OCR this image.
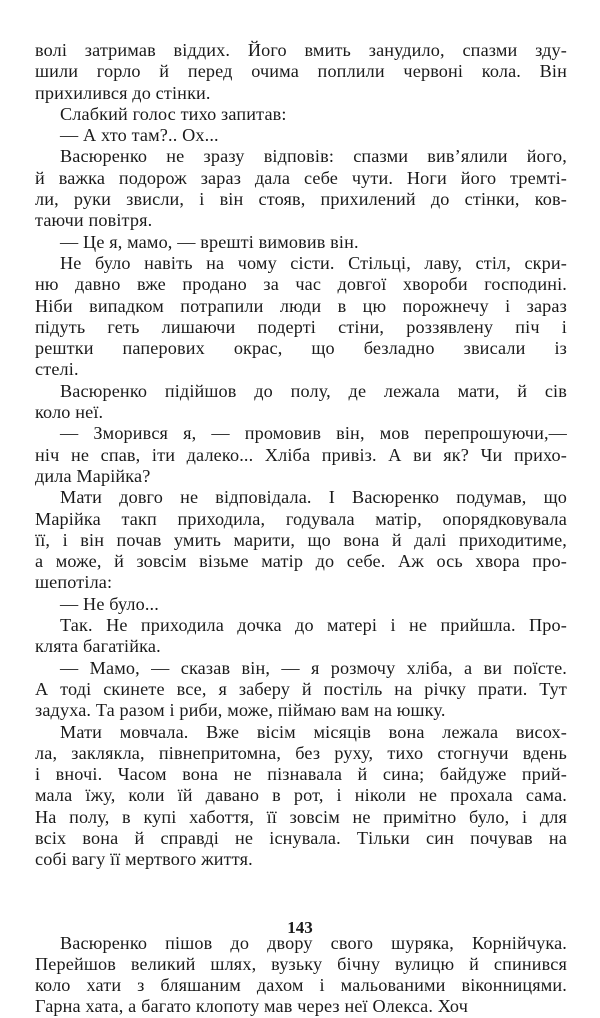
волі затримав віддих. Його вмить занудило, спазми зду-
шили горло й перед очима поплили червоні кола. Він
прихилився до стінки.
Слабкий голос тихо запитав:
— А хто там?.. Ох...
Васюренко не зразу відповів: спазми вив’ялили його,
й важка подорож зараз дала себе чути. Ноги його тремті-
ли, руки звисли, і він стояв, прихилений до стінки, ков-
таючи повітря.
— Це я, мамо, — врешті вимовив він.
Не було навіть на чому сісти. Стільці, лаву, стіл, скри-
ню давно вже продано за час довгої хвороби господині.
Ніби випадком потрапили люди в цю порожнечу і зараз
підуть геть лишаючи подерті стіни, роззявлену піч і
рештки паперових окрас, що безладно звисали із
стелі.
Васюренко підійшов до полу, де лежала мати, й сів
коло неї.
— Зморився я, — промовив він, мов перепрошуючи,—
ніч не спав, іти далеко... Хліба привіз. А ви як? Чи прихо-
дила Марійка?
Мати довго не відповідала. І Васюренко подумав, що
Марійка такп приходила, годувала матір, опорядковувала
її, і він почав умить марити, що вона й далі приходитиме,
а може, й зовсім візьме матір до себе. Аж ось хвора про-
шепотіла:
— Не було...
Так. Не приходила дочка до матері і не прийшла. Про-
клята багатійка.
— Мамо, — сказав він, — я розмочу хліба, а ви поїсте.
А тоді скинете все, я заберу й постіль на річку прати. Тут
задуха. Та разом і риби, може, піймаю вам на юшку.
Мати мовчала. Вже вісім місяців вона лежала висох-
ла, заклякла, півнепритомна, без руху, тихо стогнучи вдень
і вночі. Часом вона не пізнавала й сина; байдуже прий-
мала їжу, коли їй давано в рот, і ніколи не прохала сама.
На полу, в купі хабоття, її зовсім не примітно було, і для
всіх вона й справді не існувала. Тільки син почував на
собі вагу її мертвого життя.
Васюренко пішов до двору свого шуряка, Корнійчука.
Перейшов великий шлях, вузьку бічну вулицю й спинився
коло хати з бляшаним дахом і мальованими віконницями.
Гарна хата, а багато клопоту мав через неї Олекса. Хоч
143
